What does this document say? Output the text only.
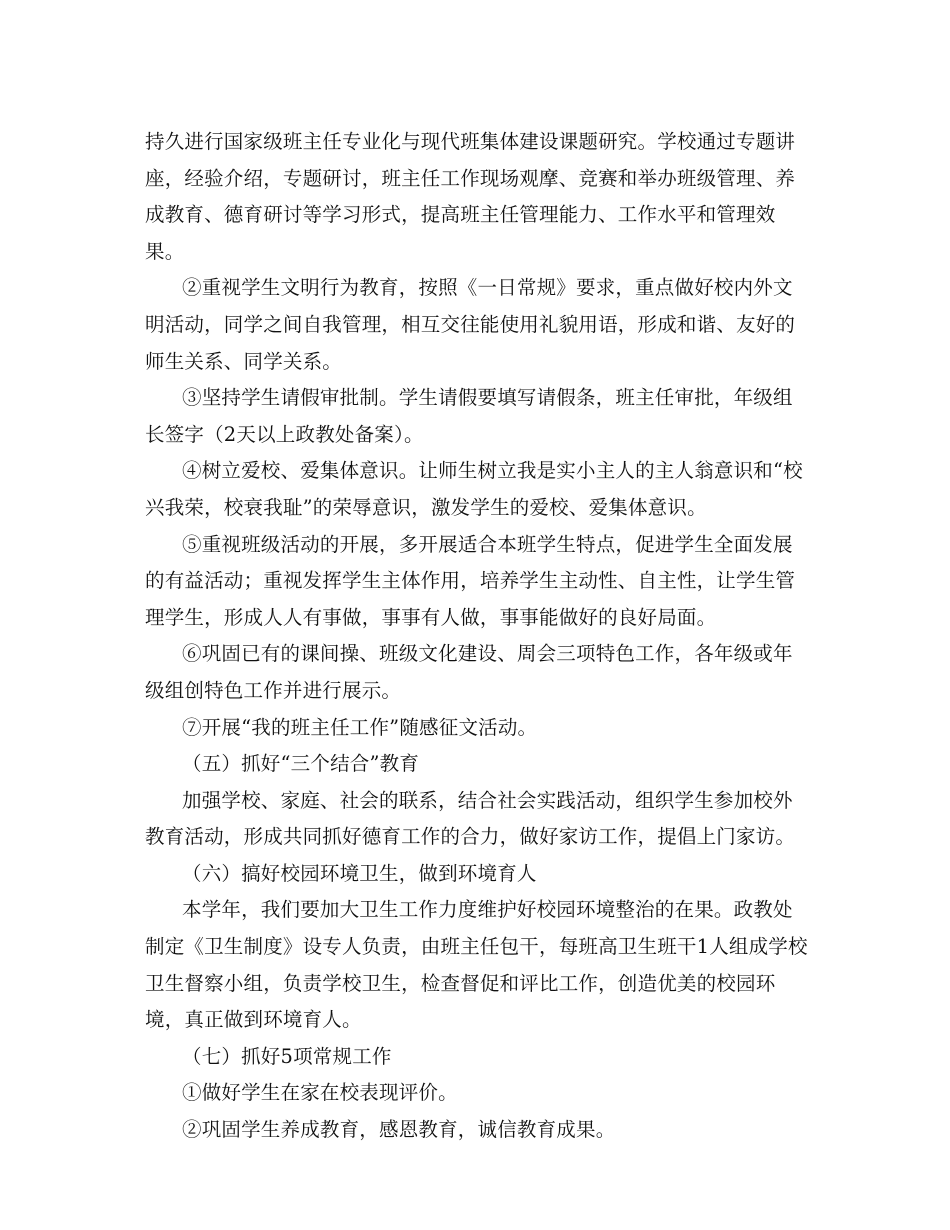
持久进行国家级班主任专业化与现代班集体建设课题研究。学校通过专题讲座，经验介绍，专题研讨，班主任工作现场观摩、竞赛和举办班级管理、养成教育、德育研讨等学习形式，提高班主任管理能力、工作水平和管理效果。

②重视学生文明行为教育，按照《一日常规》要求，重点做好校内外文明活动，同学之间自我管理，相互交往能使用礼貌用语，形成和谐、友好的师生关系、同学关系。

③坚持学生请假审批制。学生请假要填写请假条，班主任审批，年级组长签字（2天以上政教处备案）。

④树立爱校、爱集体意识。让师生树立我是实小主人的主人翁意识和“校兴我荣，校衰我耻”的荣辱意识，激发学生的爱校、爱集体意识。

⑤重视班级活动的开展，多开展适合本班学生特点，促进学生全面发展的有益活动；重视发挥学生主体作用，培养学生主动性、自主性，让学生管理学生，形成人人有事做，事事有人做，事事能做好的良好局面。

⑥巩固已有的课间操、班级文化建设、周会三项特色工作，各年级或年级组创特色工作并进行展示。

⑦开展“我的班主任工作”随感征文活动。

（五）抓好“三个结合”教育

加强学校、家庭、社会的联系，结合社会实践活动，组织学生参加校外教育活动，形成共同抓好德育工作的合力，做好家访工作，提倡上门家访。

（六）搞好校园环境卫生，做到环境育人

本学年，我们要加大卫生工作力度维护好校园环境整治的在果。政教处制定《卫生制度》设专人负责，由班主任包干，每班高卫生班干1人组成学校卫生督察小组，负责学校卫生，检查督促和评比工作，创造优美的校园环境，真正做到环境育人。

（七）抓好5项常规工作

①做好学生在家在校表现评价。

②巩固学生养成教育，感恩教育，诚信教育成果。
